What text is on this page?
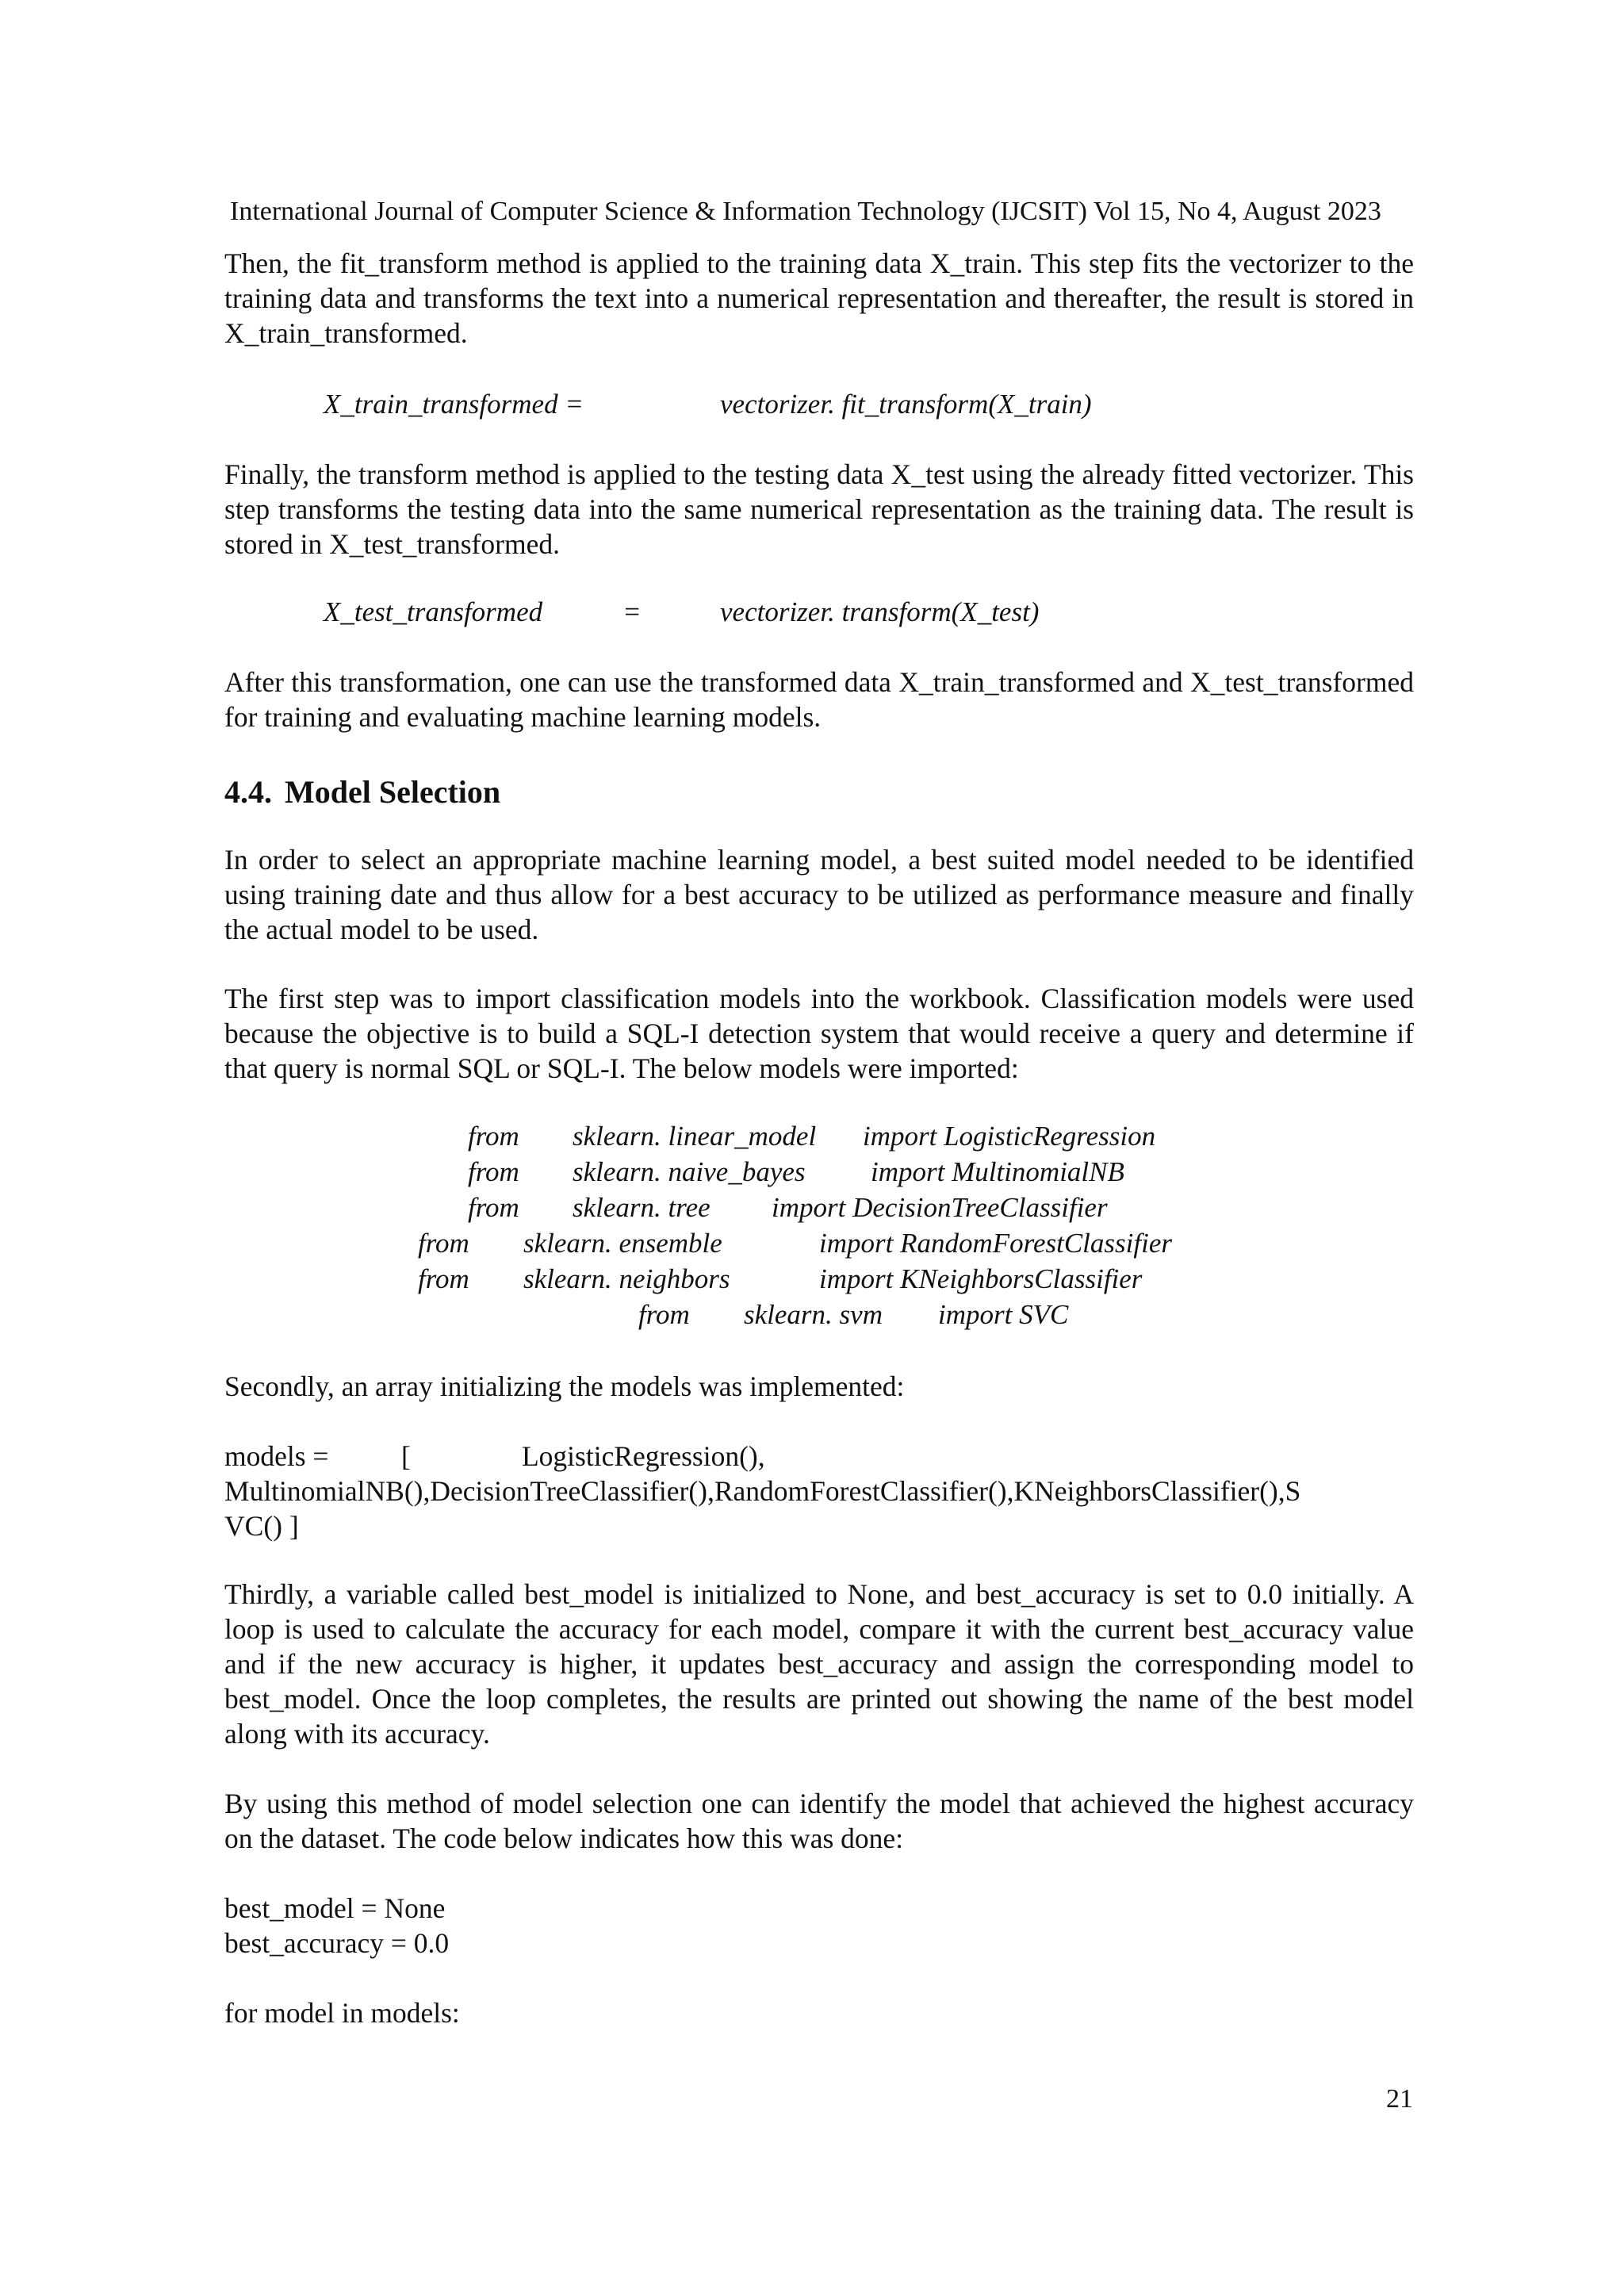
International Journal of Computer Science & Information Technology (IJCSIT) Vol 15, No 4, August 2023
Then, the fit_transform method is applied to the training data X_train. This step fits the vectorizer to the training data and transforms the text into a numerical representation and thereafter, the result is stored in X_train_transformed.
X_train_transformed =	vectorizer. fit_transform(X_train)
Finally, the transform method is applied to the testing data X_test using the already fitted vectorizer. This step transforms the testing data into the same numerical representation as the training data. The result is stored in X_test_transformed.
X_test_transformed	=	vectorizer. transform(X_test)
After this transformation, one can use the transformed data X_train_transformed and X_test_transformed for training and evaluating machine learning models.
4.4. Model Selection
In order to select an appropriate machine learning model, a best suited model needed to be identified using training date and thus allow for a best accuracy to be utilized as performance measure and finally the actual model to be used.
The first step was to import classification models into the workbook. Classification models were used because the objective is to build a SQL-I detection system that would receive a query and determine if that query is normal SQL or SQL-I. The below models were imported:
from sklearn. linear_model import LogisticRegression
from sklearn. naive_bayes import MultinomialNB
from sklearn. tree import DecisionTreeClassifier
from sklearn. ensemble	import RandomForestClassifier
from sklearn. neighbors	import KNeighborsClassifier
from sklearn. svm import SVC
Secondly, an array initializing the models was implemented:
models =	[	LogisticRegression(),
MultinomialNB(),DecisionTreeClassifier(),RandomForestClassifier(),KNeighborsClassifier(),S
VC() ]
Thirdly, a variable called best_model is initialized to None, and best_accuracy is set to 0.0 initially. A loop is used to calculate the accuracy for each model, compare it with the current best_accuracy value and if the new accuracy is higher, it updates best_accuracy and assign the corresponding model to best_model. Once the loop completes, the results are printed out showing the name of the best model along with its accuracy.
By using this method of model selection one can identify the model that achieved the highest accuracy on the dataset. The code below indicates how this was done:
best_model = None
best_accuracy = 0.0
for model in models:
21
